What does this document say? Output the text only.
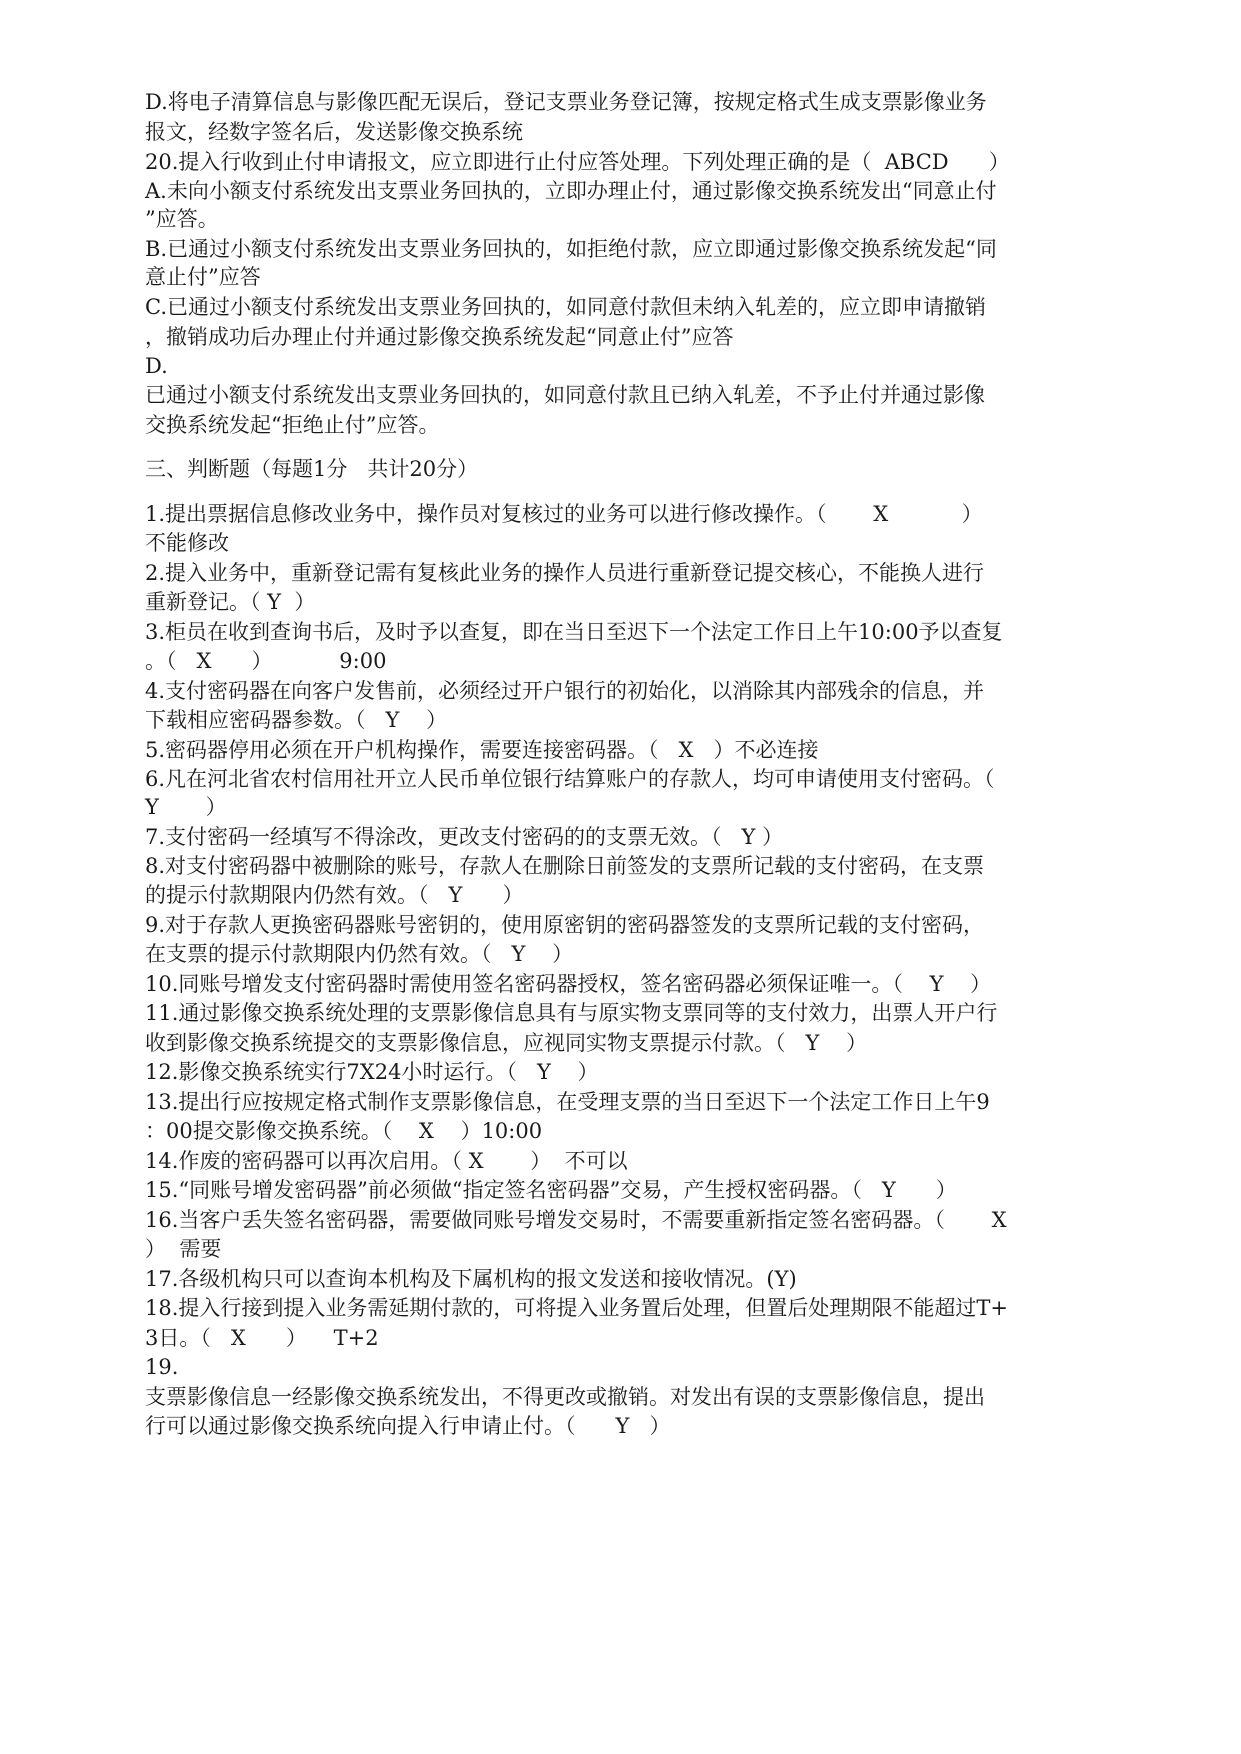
D.将电子清算信息与影像匹配无误后，登记支票业务登记簿，按规定格式生成支票影像业务
报文，经数字签名后，发送影像交换系统
20.提入行收到止付申请报文，应立即进行止付应答处理。下列处理正确的是（  ABCD      ）
A.未向小额支付系统发出支票业务回执的，立即办理止付，通过影像交换系统发出“同意止付
”应答。
B.已通过小额支付系统发出支票业务回执的，如拒绝付款，应立即通过影像交换系统发起“同
意止付”应答
C.已通过小额支付系统发出支票业务回执的，如同意付款但未纳入轧差的，应立即申请撤销
，撤销成功后办理止付并通过影像交换系统发起“同意止付”应答
D.
已通过小额支付系统发出支票业务回执的，如同意付款且已纳入轧差，不予止付并通过影像
交换系统发起“拒绝止付”应答。
三、判断题（每题1分   共计20分）
1.提出票据信息修改业务中，操作员对复核过的业务可以进行修改操作。（       X           ）
不能修改
2.提入业务中，重新登记需有复核此业务的操作人员进行重新登记提交核心，不能换人进行
重新登记。（ Y  ）
3.柜员在收到查询书后，及时予以查复，即在当日至迟下一个法定工作日上午10:00予以查复
。（   X      ）          9:00
4.支付密码器在向客户发售前，必须经过开户银行的初始化，以消除其内部残余的信息，并
下载相应密码器参数。（   Y    ）
5.密码器停用必须在开户机构操作，需要连接密码器。（   X   ）不必连接
6.凡在河北省农村信用社开立人民币单位银行结算账户的存款人，均可申请使用支付密码。（
Y       ）
7.支付密码一经填写不得涂改，更改支付密码的的支票无效。（   Y ）
8.对支付密码器中被删除的账号，存款人在删除日前签发的支票所记载的支付密码，在支票
的提示付款期限内仍然有效。（   Y      ）
9.对于存款人更换密码器账号密钥的，使用原密钥的密码器签发的支票所记载的支付密码，
在支票的提示付款期限内仍然有效。（   Y    ）
10.同账号增发支付密码器时需使用签名密码器授权，签名密码器必须保证唯一。（    Y    ）
11.通过影像交换系统处理的支票影像信息具有与原实物支票同等的支付效力，出票人开户行
收到影像交换系统提交的支票影像信息，应视同实物支票提示付款。（   Y    ）
12.影像交换系统实行7X24小时运行。（   Y    ）
13.提出行应按规定格式制作支票影像信息，在受理支票的当日至迟下一个法定工作日上午9
：00提交影像交换系统。（    X    ）10:00
14.作废的密码器可以再次启用。（ X       ）  不可以
15.“同账号增发密码器”前必须做“指定签名密码器”交易，产生授权密码器。（   Y      ）
16.当客户丢失签名密码器，需要做同账号增发交易时，不需要重新指定签名密码器。（       X
）  需要
17.各级机构只可以查询本机构及下属机构的报文发送和接收情况。(Y)
18.提入行接到提入业务需延期付款的，可将提入业务置后处理，但置后处理期限不能超过T+
3日。（   X      ）    T+2
19.
支票影像信息一经影像交换系统发出，不得更改或撤销。对发出有误的支票影像信息，提出
行可以通过影像交换系统向提入行申请止付。（      Y   ）
